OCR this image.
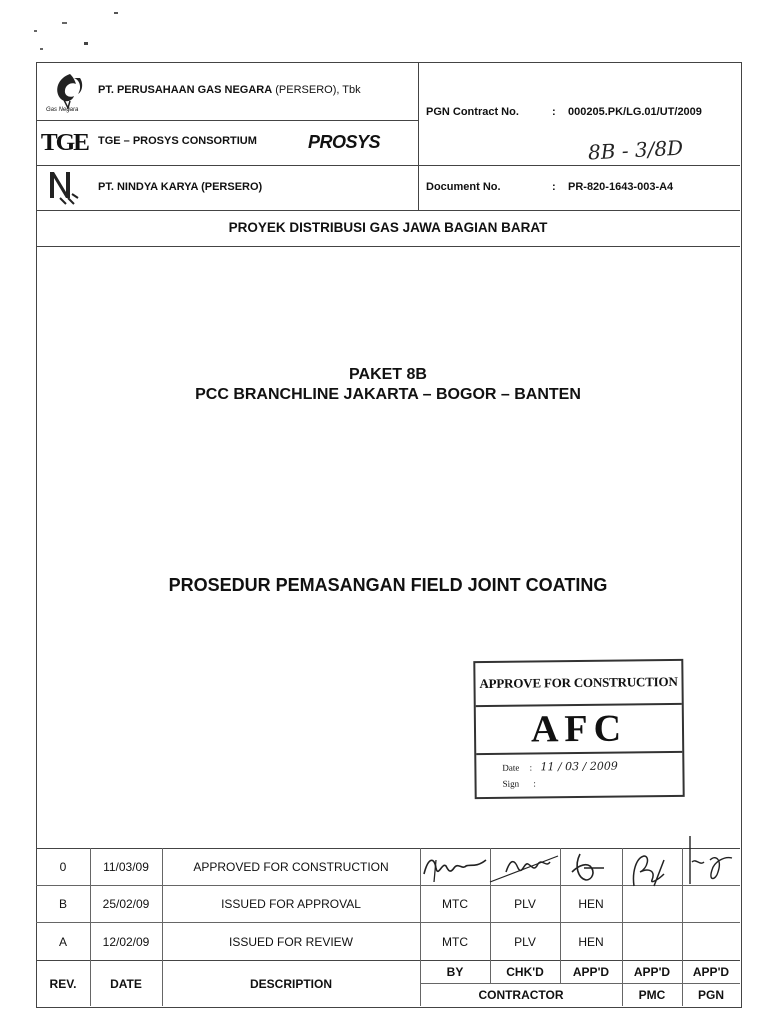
Gas Negara
PT. PERUSAHAAN GAS NEGARA (PERSERO), Tbk
TGE TGE – PROSYS CONSORTIUM	PROSYS
PT. NINDYA KARYA (PERSERO)
PGN Contract No.	: 000205.PK/LG.01/UT/2009
8B - 3/8D
Document No.	: PR-820-1643-003-A4
PROYEK DISTRIBUSI GAS JAWA BAGIAN BARAT
PAKET 8B
PCC BRANCHLINE JAKARTA – BOGOR – BANTEN
PROSEDUR PEMASANGAN FIELD JOINT COATING
APPROVE FOR CONSTRUCTION
AFC
Date : 11 / 03 / 2009
Sign :
0	11/03/09	APPROVED FOR CONSTRUCTION
B	25/02/09	ISSUED FOR APPROVAL	MTC	PLV	HEN
A	12/02/09	ISSUED FOR REVIEW	MTC	PLV	HEN
REV.	DATE	DESCRIPTION
BY	CHK'D	APP'D	APP'D	APP'D
CONTRACTOR	PMC	PGN
